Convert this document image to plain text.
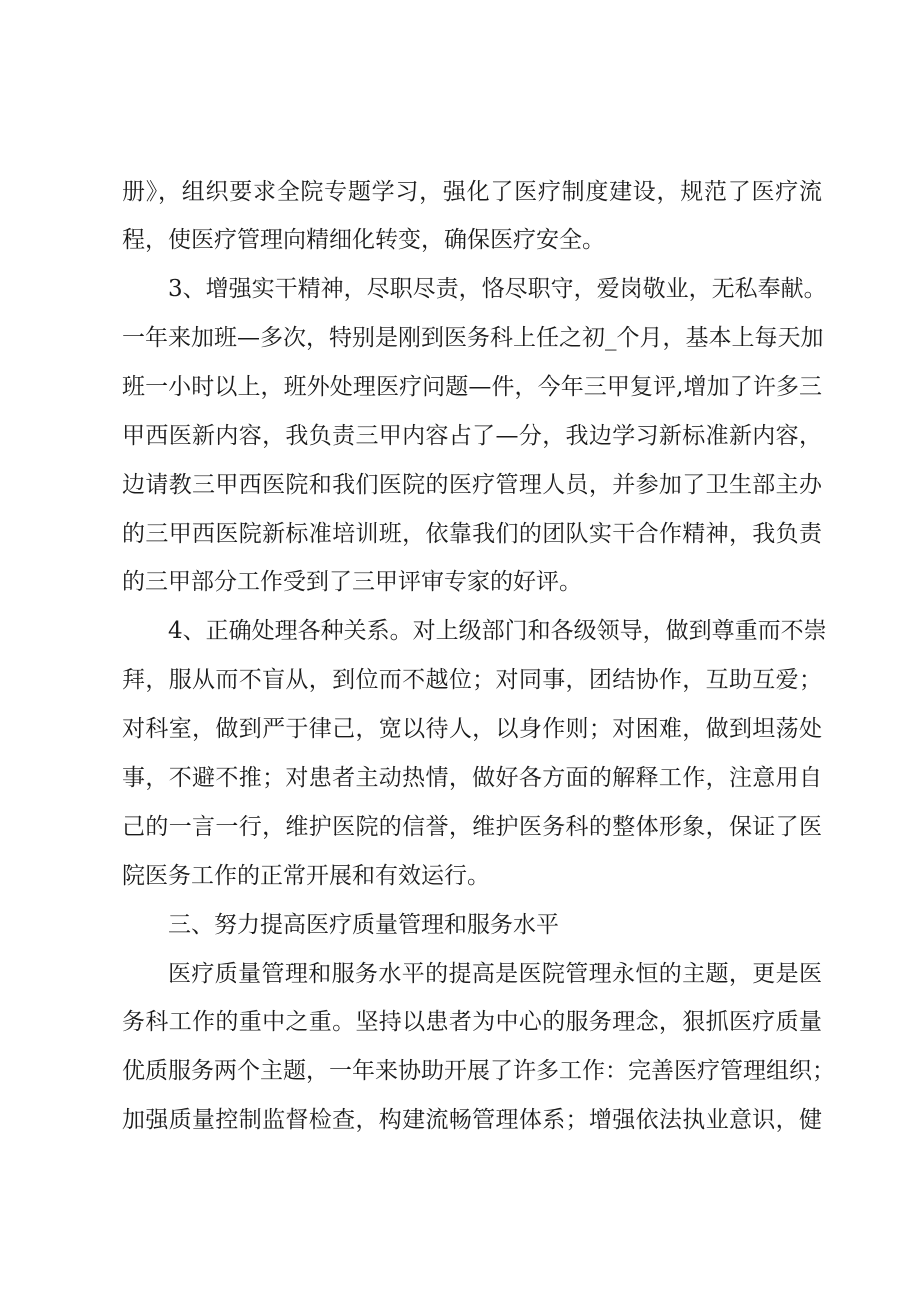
册》，组织要求全院专题学习，强化了医疗制度建设，规范了医疗流
程，使医疗管理向精细化转变，确保医疗安全。
3、增强实干精神，尽职尽责，恪尽职守，爱岗敬业，无私奉献。
一年来加班—多次，特别是刚到医务科上任之初_个月，基本上每天加
班一小时以上，班外处理医疗问题—件，今年三甲复评,增加了许多三
甲西医新内容，我负责三甲内容占了—分，我边学习新标准新内容，
边请教三甲西医院和我们医院的医疗管理人员，并参加了卫生部主办
的三甲西医院新标准培训班，依靠我们的团队实干合作精神，我负责
的三甲部分工作受到了三甲评审专家的好评。
4、正确处理各种关系。对上级部门和各级领导，做到尊重而不崇
拜，服从而不盲从，到位而不越位；对同事，团结协作，互助互爱；
对科室，做到严于律己，宽以待人，以身作则；对困难，做到坦荡处
事，不避不推；对患者主动热情，做好各方面的解释工作，注意用自
己的一言一行，维护医院的信誉，维护医务科的整体形象，保证了医
院医务工作的正常开展和有效运行。
三、努力提高医疗质量管理和服务水平
医疗质量管理和服务水平的提高是医院管理永恒的主题，更是医
务科工作的重中之重。坚持以患者为中心的服务理念，狠抓医疗质量
优质服务两个主题，一年来协助开展了许多工作：完善医疗管理组织；
加强质量控制监督检查，构建流畅管理体系；增强依法执业意识，健
